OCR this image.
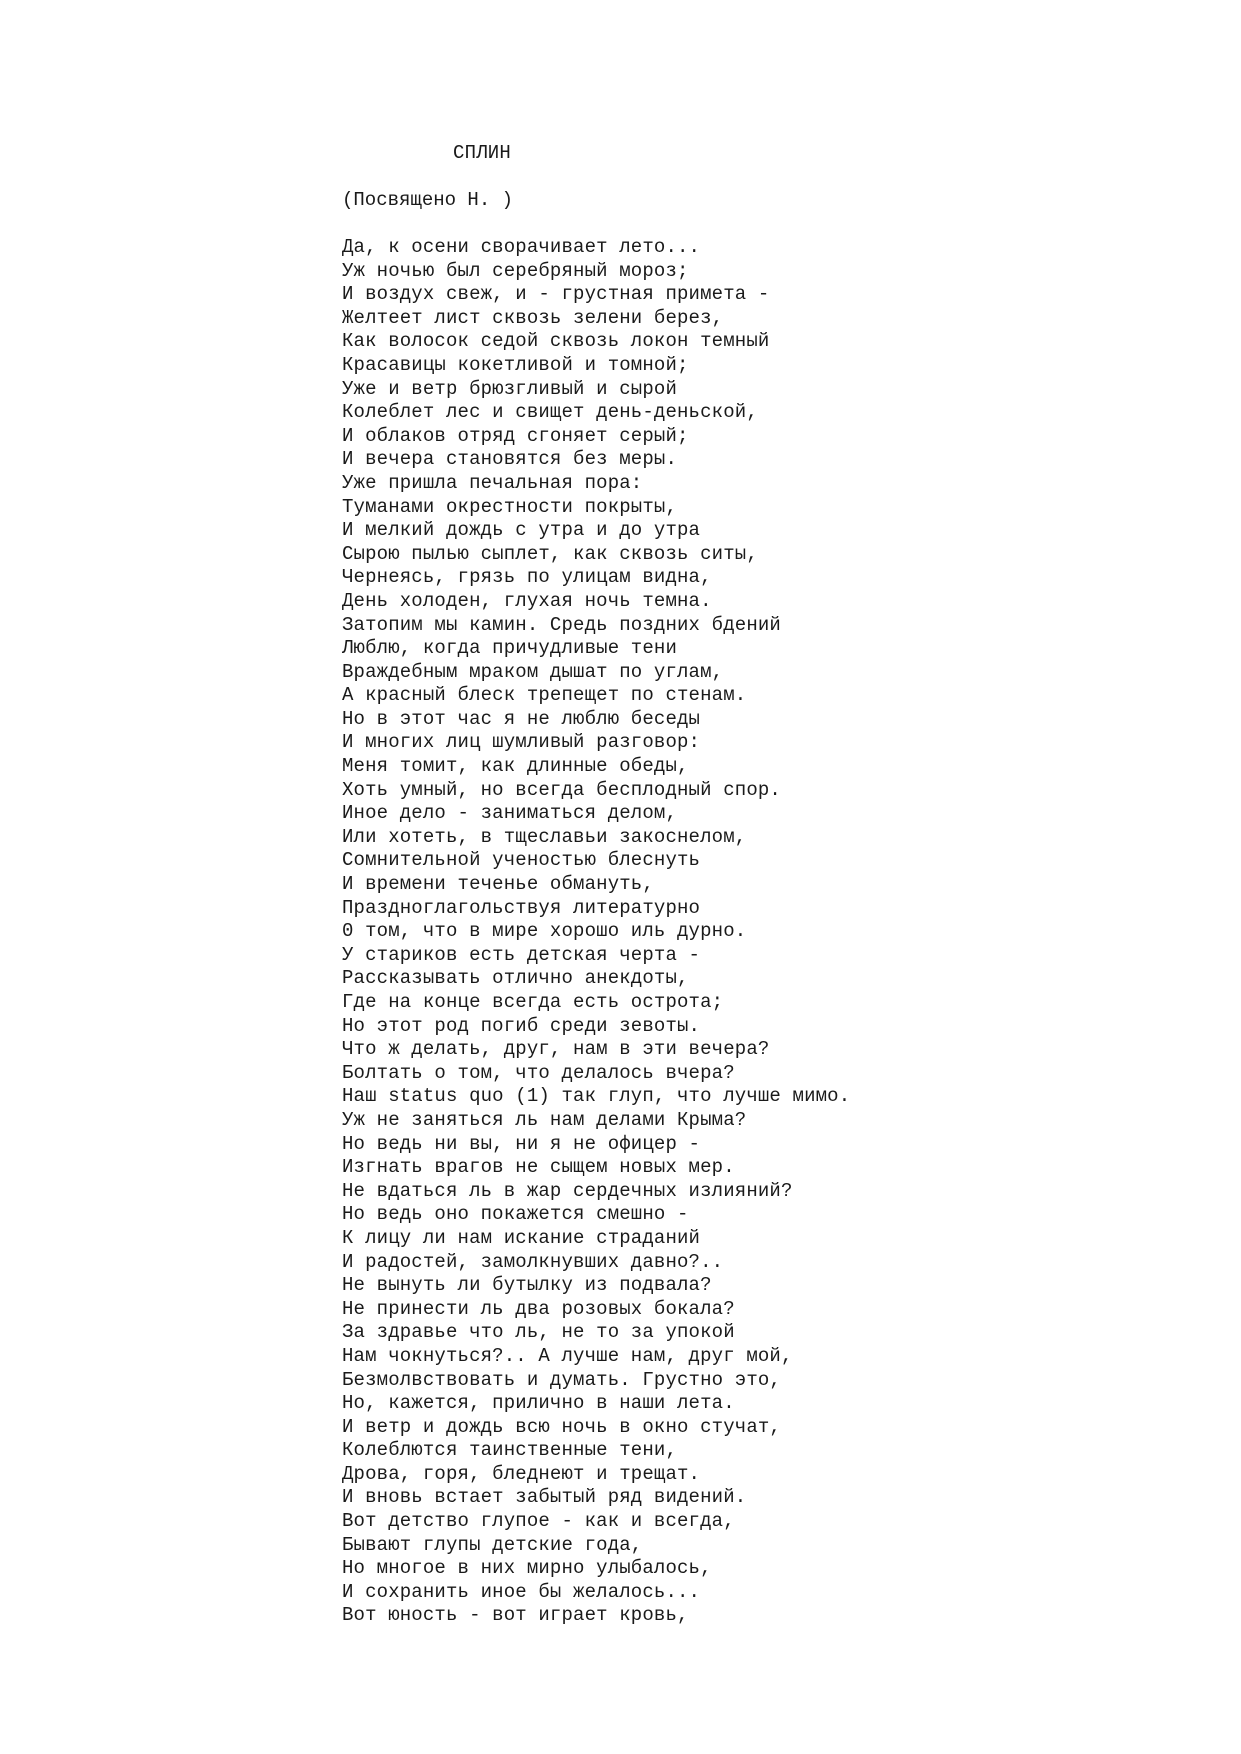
СПЛИН

(Посвящено Н. )

Да, к осени сворачивает лето...
Уж ночью был серебряный мороз;
И воздух свеж, и - грустная примета -
Желтеет лист сквозь зелени берез,
Как волосок седой сквозь локон темный
Красавицы кокетливой и томной;
Уже и ветр брюзгливый и сырой
Колеблет лес и свищет день-деньской,
И облаков отряд сгоняет серый;
И вечера становятся без меры.
Уже пришла печальная пора:
Туманами окрестности покрыты,
И мелкий дождь с утра и до утра
Сырою пылью сыплет, как сквозь ситы,
Чернеясь, грязь по улицам видна,
День холоден, глухая ночь темна.
Затопим мы камин. Средь поздних бдений
Люблю, когда причудливые тени
Враждебным мраком дышат по углам,
А красный блеск трепещет по стенам.
Но в этот час я не люблю беседы
И многих лиц шумливый разговор:
Меня томит, как длинные обеды,
Хоть умный, но всегда бесплодный спор.
Иное дело - заниматься делом,
Или хотеть, в тщеславьи закоснелом,
Сомнительной ученостью блеснуть
И времени теченье обмануть,
Празднoглагольствуя литературно
0 том, что в мире хорошо иль дурно.
У стариков есть детская черта -
Рассказывать отлично анекдоты,
Где на конце всегда есть острота;
Но этот род погиб среди зевоты.
Что ж делать, друг, нам в эти вечера?
Болтать о том, что делалось вчера?
Наш status quo (1) так глуп, что лучше мимо.
Уж не заняться ль нам делами Крыма?
Но ведь ни вы, ни я не офицер -
Изгнать врагов не сыщем новых мер.
Не вдаться ль в жар сердечных излияний?
Но ведь оно покажется смешно -
К лицу ли нам искание страданий
И радостей, замолкнувших давно?..
Не вынуть ли бутылку из подвала?
Не принести ль два розовых бокала?
За здравье что ль, не то за упокой
Нам чокнуться?.. А лучше нам, друг мой,
Безмолвствовать и думать. Грустно это,
Но, кажется, прилично в наши лета.
И ветр и дождь всю ночь в окно стучат,
Колеблются таинственные тени,
Дрова, горя, бледнеют и трещат.
И вновь встает забытый ряд видений.
Вот детство глупое - как и всегда,
Бывают глупы детские года,
Но многое в них мирно улыбалось,
И сохранить иное бы желалось...
Вот юность - вот играет кровь,
